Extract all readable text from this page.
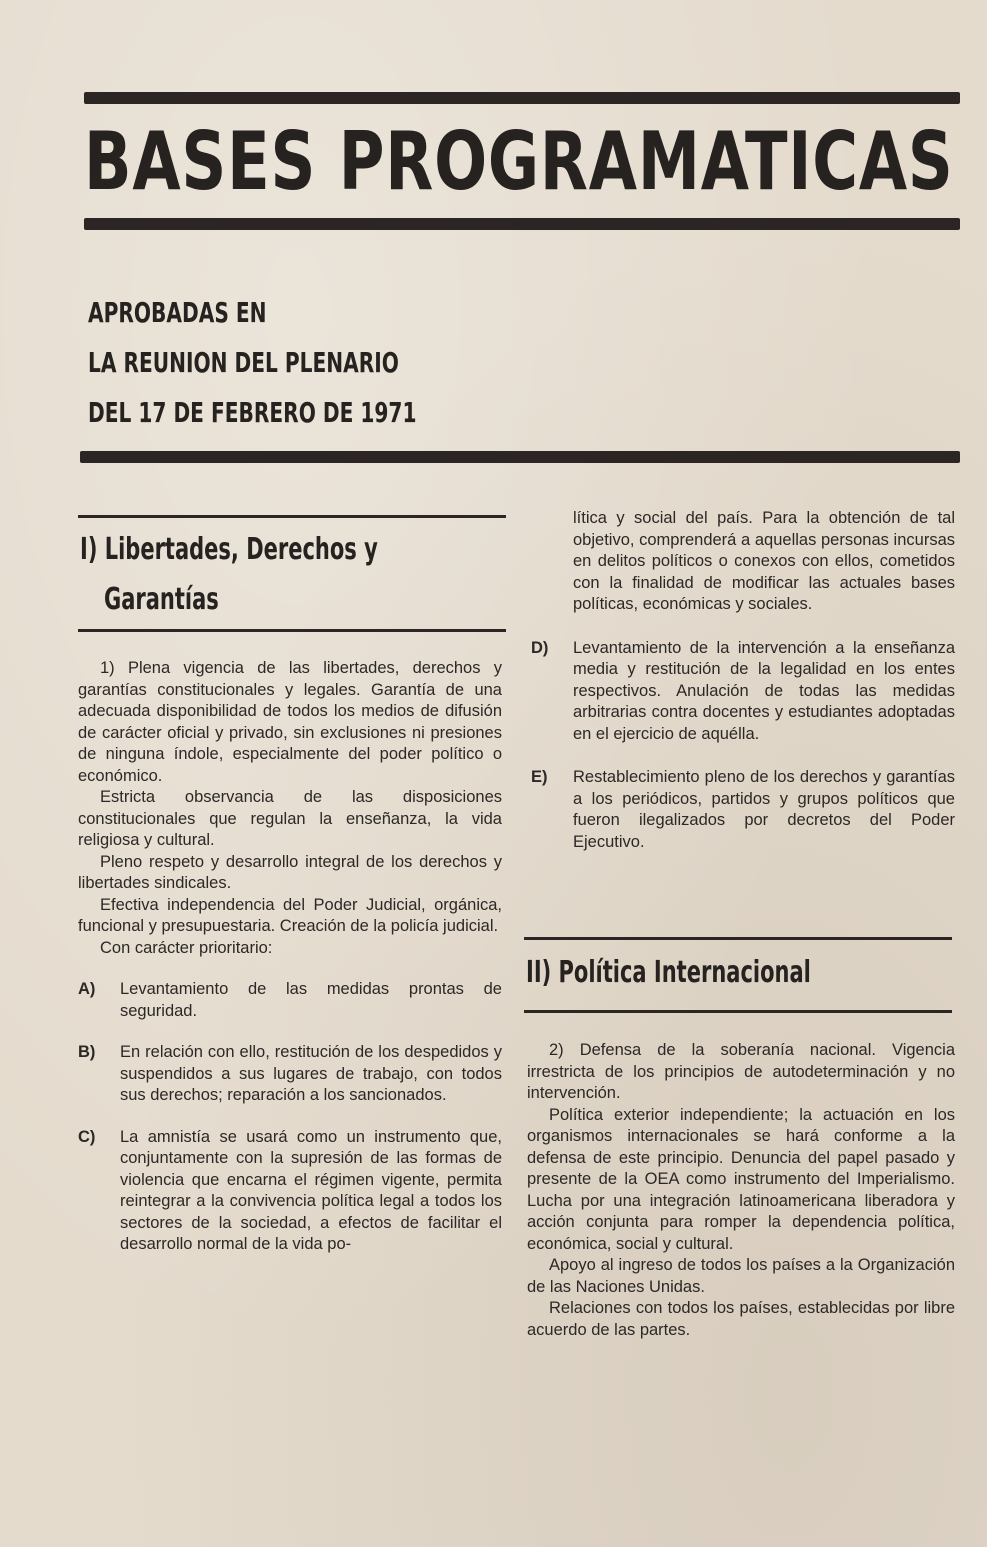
BASES PROGRAMATICAS
APROBADAS EN
LA REUNION DEL PLENARIO
DEL 17 DE FEBRERO DE 1971
I) Libertades, Derechos y
Garantías

1) Plena vigencia de las libertades, derechos y garantías constitucionales y legales. Garantía de una adecuada disponibilidad de todos los medios de difusión de carácter oficial y privado, sin exclusiones ni presiones de ninguna índole, especialmente del poder político o económico.

Estricta observancia de las disposiciones constitucionales que regulan la enseñanza, la vida religiosa y cultural.

Pleno respeto y desarrollo integral de los derechos y libertades sindicales.

Efectiva independencia del Poder Judicial, orgánica, funcional y presupuestaria. Creación de la policía judicial.

Con carácter prioritario:

A) Levantamiento de las medidas prontas de seguridad.
B) En relación con ello, restitución de los despedidos y suspendidos a sus lugares de trabajo, con todos sus derechos; reparación a los sancionados.
C) La amnistía se usará como un instrumento que, conjuntamente con la supresión de las formas de violencia que encarna el régimen vigente, permita reintegrar a la convivencia política legal a todos los sectores de la sociedad, a efectos de facilitar el desarrollo normal de la vida po-

lítica y social del país. Para la obtención de tal objetivo, comprenderá a aquellas personas incursas en delitos políticos o conexos con ellos, cometidos con la finalidad de modificar las actuales bases políticas, económicas y sociales.

D) Levantamiento de la intervención a la enseñanza media y restitución de la legalidad en los entes respectivos. Anulación de todas las medidas arbitrarias contra docentes y estudiantes adoptadas en el ejercicio de aquélla.
E) Restablecimiento pleno de los derechos y garantías a los periódicos, partidos y grupos políticos que fueron ilegalizados por decretos del Poder Ejecutivo.
II) Política Internacional

2) Defensa de la soberanía nacional. Vigencia irrestricta de los principios de autodeterminación y no intervención.

Política exterior independiente; la actuación en los organismos internacionales se hará conforme a la defensa de este principio. Denuncia del papel pasado y presente de la OEA como instrumento del Imperialismo. Lucha por una integración latinoamericana liberadora y acción conjunta para romper la dependencia política, económica, social y cultural.

Apoyo al ingreso de todos los países a la Organización de las Naciones Unidas.

Relaciones con todos los países, establecidas por libre acuerdo de las partes.
